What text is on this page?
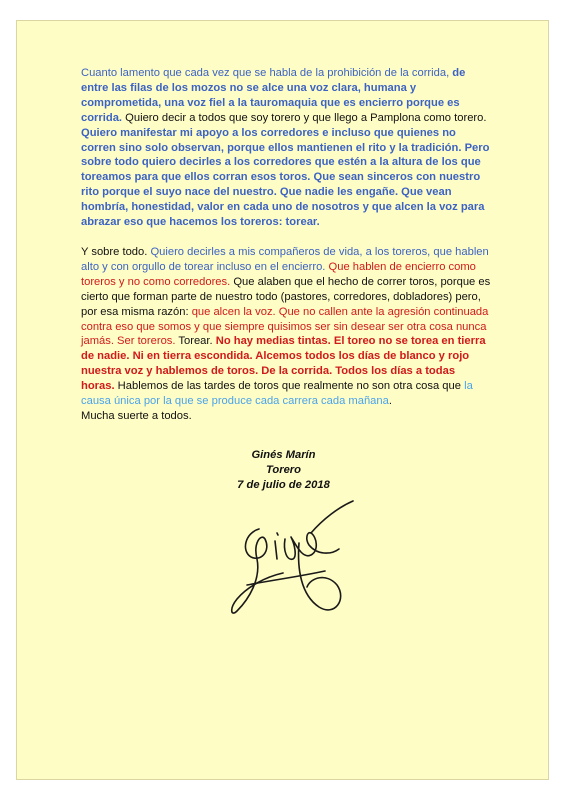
Cuanto lamento que cada vez que se habla de la prohibición de la corrida, de entre las filas de los mozos no se alce una voz clara, humana y comprometida, una voz fiel a la tauromaquia que es encierro porque es corrida. Quiero decir a todos que soy torero y que llego a Pamplona como torero. Quiero manifestar mi apoyo a los corredores e incluso que quienes no corren sino solo observan, porque ellos mantienen el rito y la tradición. Pero sobre todo quiero decirles a los corredores que estén a la altura de los que toreamos para que ellos corran esos toros. Que sean sinceros con nuestro rito porque el suyo nace del nuestro. Que nadie les engañe. Que vean hombría, honestidad, valor en cada uno de nosotros y que alcen la voz para abrazar eso que hacemos los toreros: torear.

Y sobre todo. Quiero decirles a mis compañeros de vida, a los toreros, que hablen alto y con orgullo de torear incluso en el encierro. Que hablen de encierro como toreros y no como corredores. Que alaben que el hecho de correr toros, porque es cierto que forman parte de nuestro todo (pastores, corredores, dobladores) pero, por esa misma razón: que alcen la voz. Que no callen ante la agresión continuada contra eso que somos y que siempre quisimos ser sin desear ser otra cosa nunca jamás. Ser toreros. Torear. No hay medias tintas. El toreo no se torea en tierra de nadie. Ni en tierra escondida. Alcemos todos los días de blanco y rojo nuestra voz y hablemos de toros. De la corrida. Todos los días a todas horas. Hablemos de las tardes de toros que realmente no son otra cosa que la causa única por la que se produce cada carrera cada mañana.
Mucha suerte a todos.

Ginés Marín
Torero
7 de julio de 2018
